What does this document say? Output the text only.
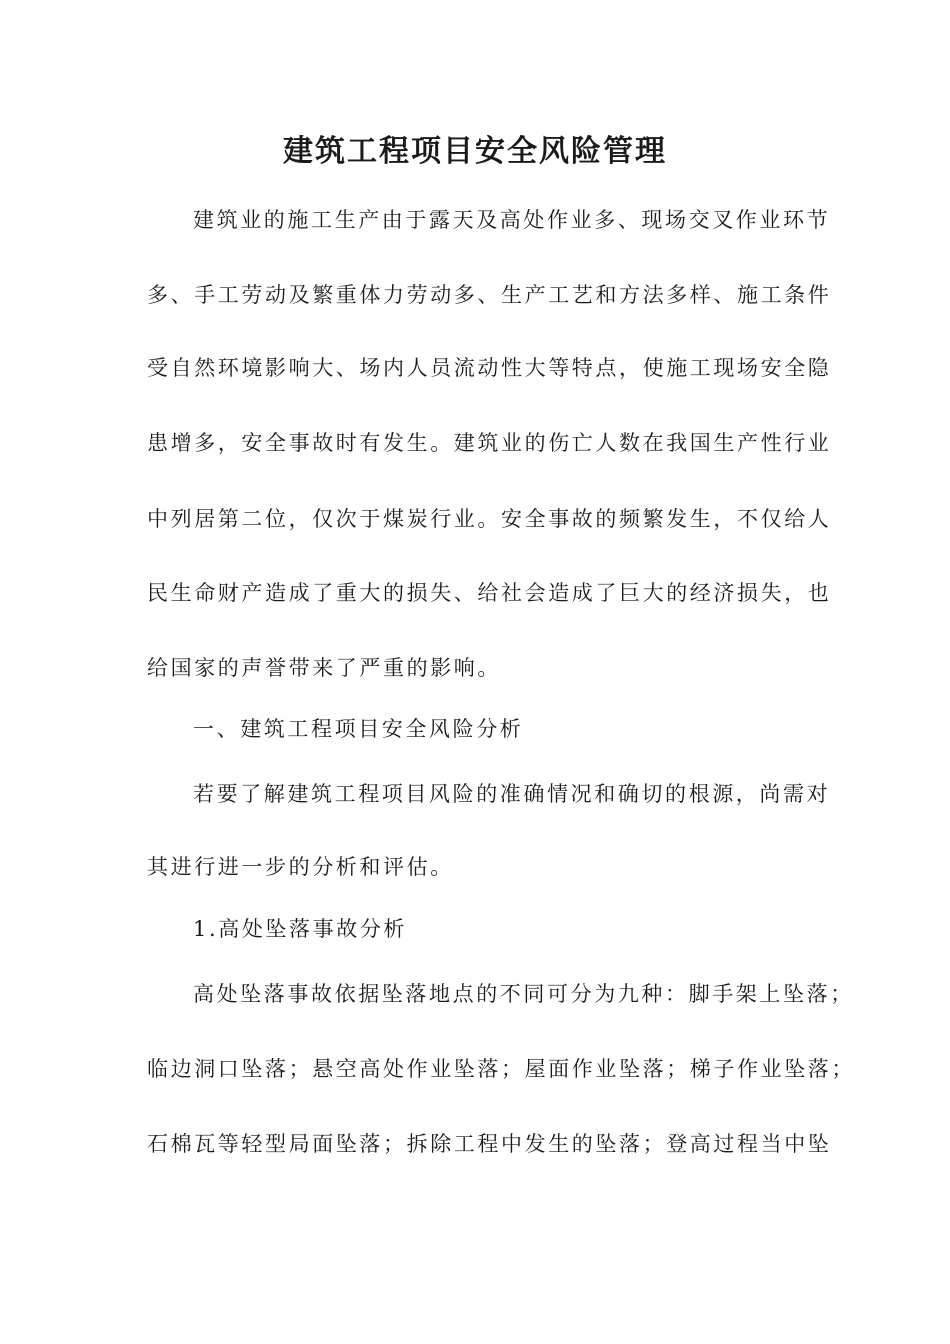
建筑工程项目安全风险管理

建筑业的施工生产由于露天及高处作业多、现场交叉作业环节

多、手工劳动及繁重体力劳动多、生产工艺和方法多样、施工条件

受自然环境影响大、场内人员流动性大等特点，使施工现场安全隐

患增多，安全事故时有发生。建筑业的伤亡人数在我国生产性行业

中列居第二位，仅次于煤炭行业。安全事故的频繁发生，不仅给人

民生命财产造成了重大的损失、给社会造成了巨大的经济损失，也

给国家的声誉带来了严重的影响。

一、建筑工程项目安全风险分析

若要了解建筑工程项目风险的准确情况和确切的根源，尚需对

其进行进一步的分析和评估。

1.高处坠落事故分析

高处坠落事故依据坠落地点的不同可分为九种：脚手架上坠落；

临边洞口坠落；悬空高处作业坠落；屋面作业坠落；梯子作业坠落；

石棉瓦等轻型局面坠落；拆除工程中发生的坠落；登高过程当中坠
